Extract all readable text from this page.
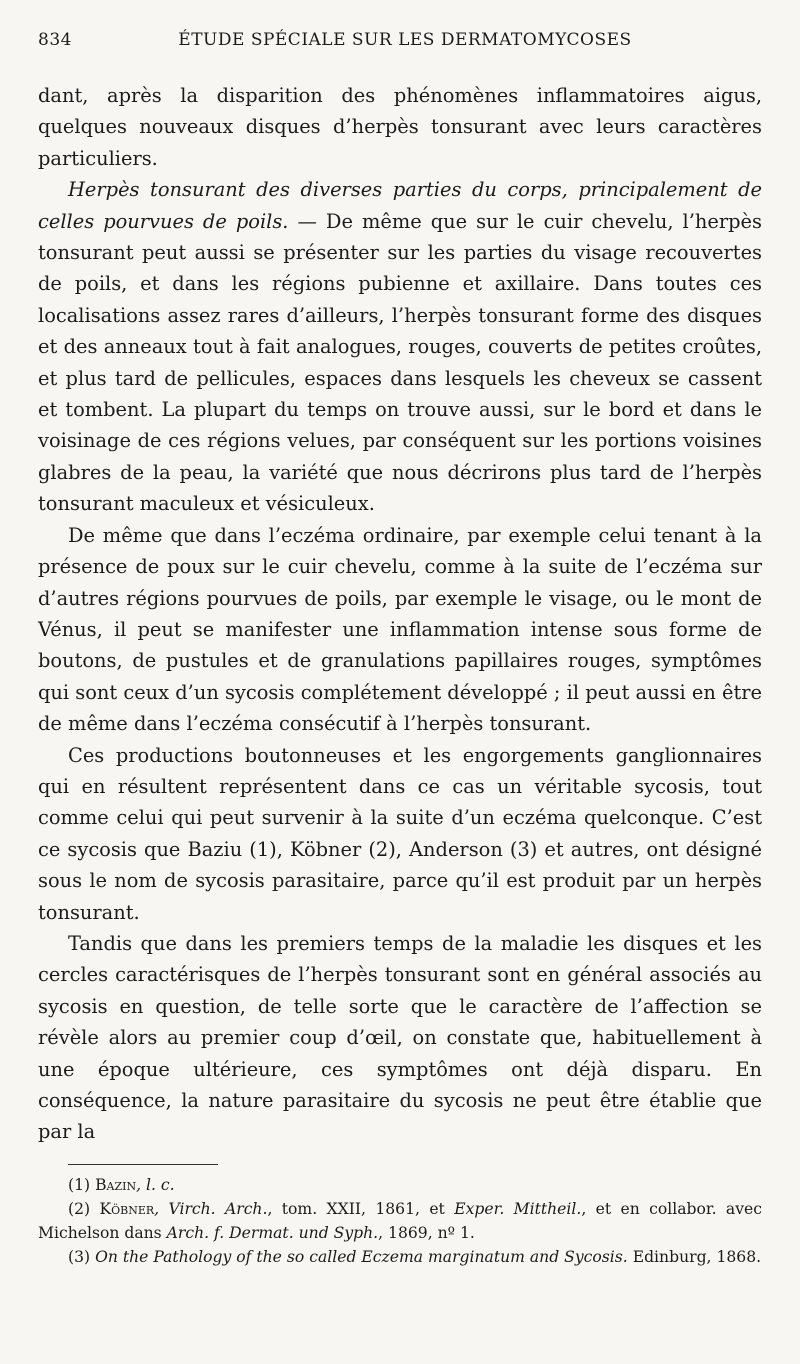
834	ÉTUDE SPÉCIALE SUR LES DERMATOMYCOSES

dant, après la disparition des phénomènes inflammatoires aigus, quelques nouveaux disques d’herpès tonsurant avec leurs caractères particuliers.

Herpès tonsurant des diverses parties du corps, principalement de celles pourvues de poils. — De même que sur le cuir chevelu, l’herpès tonsurant peut aussi se présenter sur les parties du visage recouvertes de poils, et dans les régions pubienne et axillaire. Dans toutes ces localisations assez rares d’ailleurs, l’herpès tonsurant forme des disques et des anneaux tout à fait analogues, rouges, couverts de petites croûtes, et plus tard de pellicules, espaces dans lesquels les cheveux se cassent et tombent. La plupart du temps on trouve aussi, sur le bord et dans le voisinage de ces régions velues, par conséquent sur les portions voisines glabres de la peau, la variété que nous décrirons plus tard de l’herpès tonsurant maculeux et vésiculeux.

De même que dans l’eczéma ordinaire, par exemple celui tenant à la présence de poux sur le cuir chevelu, comme à la suite de l’eczéma sur d’autres régions pourvues de poils, par exemple le visage, ou le mont de Vénus, il peut se manifester une inflammation intense sous forme de boutons, de pustules et de granulations papillaires rouges, symptômes qui sont ceux d’un sycosis complétement développé ; il peut aussi en être de même dans l’eczéma consécutif à l’herpès tonsurant.

Ces productions boutonneuses et les engorgements ganglionnaires qui en résultent représentent dans ce cas un véritable sycosis, tout comme celui qui peut survenir à la suite d’un eczéma quelconque. C’est ce sycosis que Baziu (1), Köbner (2), Anderson (3) et autres, ont désigné sous le nom de sycosis parasitaire, parce qu’il est produit par un herpès tonsurant.

Tandis que dans les premiers temps de la maladie les disques et les cercles caractérisques de l’herpès tonsurant sont en général associés au sycosis en question, de telle sorte que le caractère de l’affection se révèle alors au premier coup d’œil, on constate que, habituellement à une époque ultérieure, ces symptômes ont déjà disparu. En conséquence, la nature parasitaire du sycosis ne peut être établie que par la

(1) Bazin, l. c.

(2) Köbner, Virch. Arch., tom. XXII, 1861, et Exper. Mittheil., et en collabor. avec Michelson dans Arch. f. Dermat. und Syph., 1869, nº 1.

(3) On the Pathology of the so called Eczema marginatum and Sycosis. Edinburg, 1868.
